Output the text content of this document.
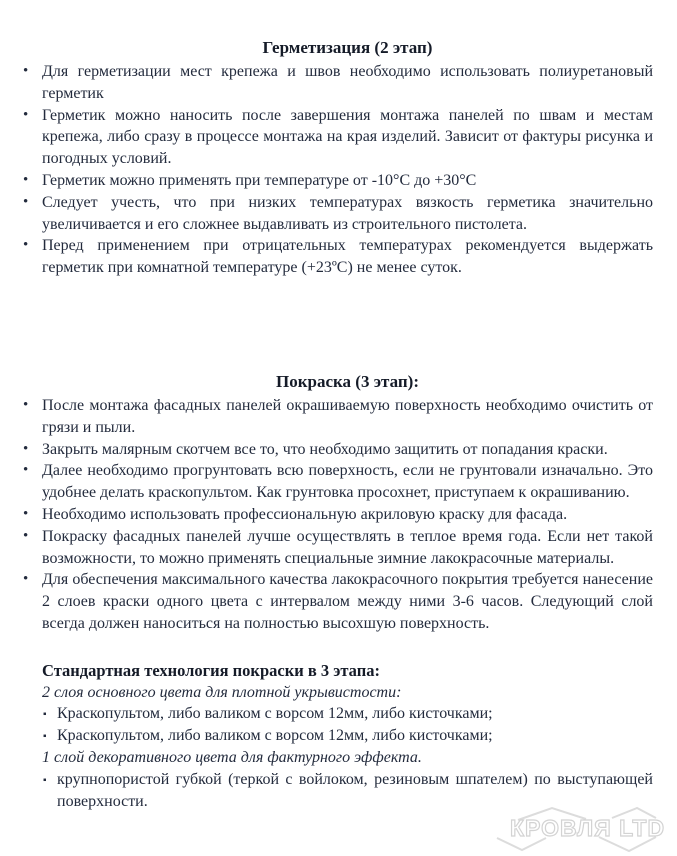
Герметизация (2 этап)
• Для герметизации мест крепежа и швов необходимо использовать полиуретановый герметик
• Герметик можно наносить после завершения монтажа панелей по швам и местам крепежа, либо сразу в процессе монтажа на края изделий. Зависит от фактуры рисунка и погодных условий.
• Герметик можно применять при температуре от -10°С до +30°С
• Следует учесть, что при низких температурах вязкость герметика значительно увеличивается и его сложнее выдавливать из строительного пистолета.
• Перед применением при отрицательных температурах рекомендуется выдержать герметик при комнатной температуре (+23ºС) не менее суток.
Покраска (3 этап):
• После монтажа фасадных панелей окрашиваемую поверхность необходимо очистить от грязи и пыли.
• Закрыть малярным скотчем все то, что необходимо защитить от попадания краски.
• Далее необходимо прогрунтовать всю поверхность, если не грунтовали изначально. Это удобнее делать краскопультом. Как грунтовка просохнет, приступаем к окрашиванию.
• Необходимо использовать профессиональную акриловую краску для фасада.
• Покраску фасадных панелей лучше осуществлять в теплое время года. Если нет такой возможности, то можно применять специальные зимние лакокрасочные материалы.
• Для обеспечения максимального качества лакокрасочного покрытия требуется нанесение 2 слоев краски одного цвета с интервалом между ними 3-6 часов. Следующий слой всегда должен наноситься на полностью высохшую поверхность.
Стандартная технология покраски в 3 этапа:

2 слоя основного цвета для плотной укрывистости:

▪ Краскопультом, либо валиком с ворсом 12мм, либо кисточками;
▪ Краскопультом, либо валиком с ворсом 12мм, либо кисточками;

1 слой декоративного цвета для фактурного эффекта.

▪ крупнопористой губкой (теркой с войлоком, резиновым шпателем) по выступающей поверхности.
КРОВЛЯ LTD
